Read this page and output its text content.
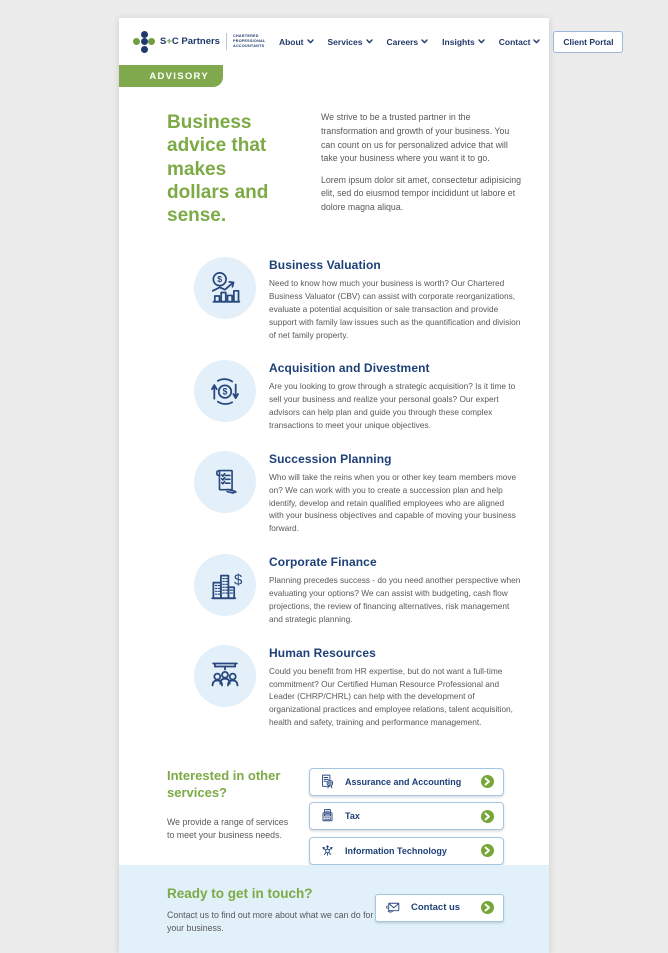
S+C Partners CHARTERED
PROFESSIONAL
ACCOUNTANTS About	Services	Careers	Insights	Contact	Client Portal
ADVISORY
Business advice that makes dollars and sense.

We strive to be a trusted partner in the transformation and growth of your business. You can count on us for personalized advice that will take your business where you want it to go.

Lorem ipsum dolor sit amet, consectetur adipisicing elit, sed do eiusmod tempor incididunt ut labore et dolore magna aliqua.

$
Business Valuation

Need to know how much your business is worth? Our Chartered Business Valuator (CBV) can assist with corporate reorganizations, evaluate a potential acquisition or sale transaction and provide support with family law issues such as the quantification and division of net family property.

$
Acquisition and Divestment

Are you looking to grow through a strategic acquisition? Is it time to sell your business and realize your personal goals? Our expert advisors can help plan and guide you through these complex transactions to meet your unique objectives.

Succession Planning

Who will take the reins when you or other key team members move on? We can work with you to create a succession plan and help identify, develop and retain qualified employees who are aligned with your business objectives and capable of moving your business forward.

$
Corporate Finance

Planning precedes success - do you need another perspective when evaluating your options? We can assist with budgeting, cash flow projections, the review of financing alternatives, risk management and strategic planning.

Human Resources

Could you benefit from HR expertise, but do not want a full-time commitment? Our Certified Human Resource Professional and Leader (CHRP/CHRL) can help with the development of organizational practices and employee relations, talent acquisition, health and safety, training and performance management.

Interested in other services?

We provide a range of services to meet your business needs.

Assurance and Accounting
Tax
Information Technology
Ready to get in touch?

Contact us to find out more about what we can do for your business.

Contact us
